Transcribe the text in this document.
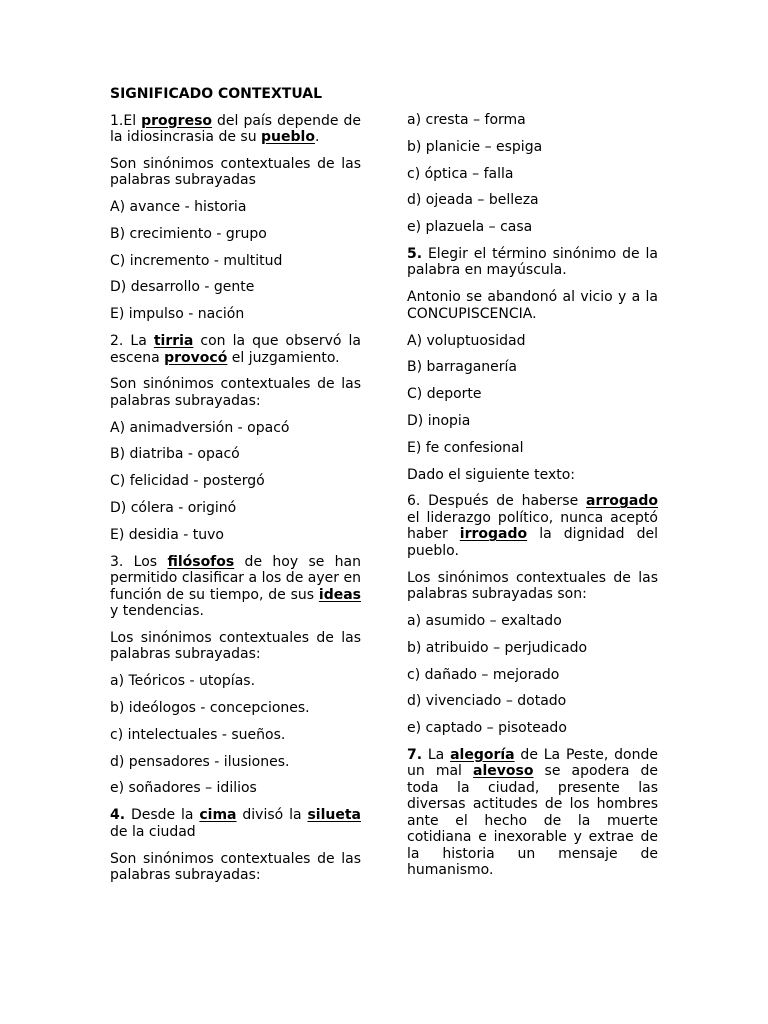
SIGNIFICADO CONTEXTUAL

1.El progreso del país depende de la idiosincrasia de su pueblo.

Son sinónimos contextuales de las palabras subrayadas

A) avance - historia

B) crecimiento - grupo

C) incremento - multitud

D) desarrollo - gente

E) impulso - nación

2. La tirria con la que observó la escena provocó el juzgamiento.

Son sinónimos contextuales de las palabras subrayadas:

A) animadversión - opacó

B) diatriba - opacó

C) felicidad - postergó

D) cólera - originó

E) desidia - tuvo

3. Los filósofos de hoy se han permitido clasificar a los de ayer en función de su tiempo, de sus ideas y tendencias.

Los sinónimos contextuales de las palabras subrayadas:

a) Teóricos - utopías.

b) ideólogos - concepciones.

c) intelectuales - sueños.

d) pensadores - ilusiones.

e) soñadores – idilios

4. Desde la cima divisó la silueta de la ciudad

Son sinónimos contextuales de las palabras subrayadas:

a) cresta – forma

b) planicie – espiga

c) óptica – falla

d) ojeada – belleza

e) plazuela – casa

5. Elegir el término sinónimo de la palabra en mayúscula.

Antonio se abandonó al vicio y a la CONCUPISCENCIA.

A) voluptuosidad

B) barraganería

C) deporte

D) inopia

E) fe confesional

Dado el siguiente texto:

6. Después de haberse arrogado el liderazgo político, nunca aceptó haber irrogado la dignidad del pueblo.

Los sinónimos contextuales de las palabras subrayadas son:

a) asumido – exaltado

b) atribuido – perjudicado

c) dañado – mejorado

d) vivenciado – dotado

e) captado – pisoteado

7. La alegoría de La Peste, donde un mal alevoso se apodera de toda la ciudad, presente las diversas actitudes de los hombres ante el hecho de la muerte cotidiana e inexorable y extrae de la historia un mensaje de humanismo.
